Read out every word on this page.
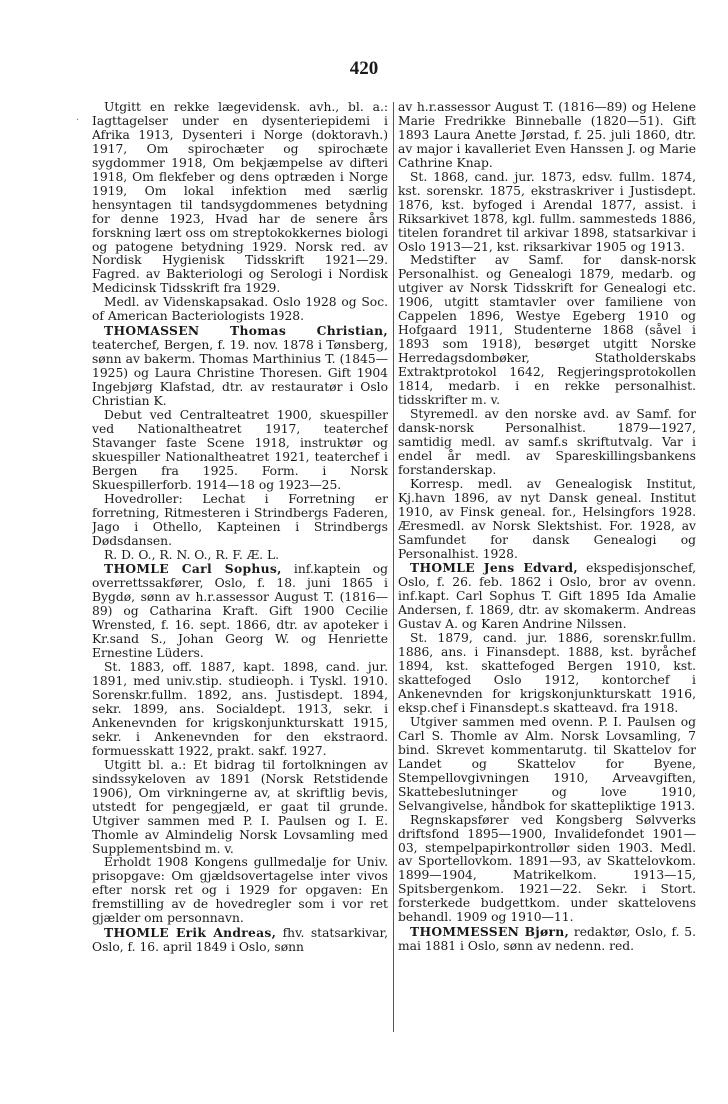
420
.

Utgitt en rekke lægevidensk. avh., bl. a.: Iagttagelser under en dysenteriepidemi i Afrika 1913, Dysenteri i Norge (doktoravh.) 1917, Om spirochæter og spirochæte sygdommer 1918, Om bekjæmpelse av difteri 1918, Om flekfeber og dens optræden i Norge 1919, Om lokal infektion med særlig hensyntagen til tandsygdommenes betydning for denne 1923, Hvad har de senere års forskning lært oss om streptokokkernes biologi og patogene betydning 1929. Norsk red. av Nordisk Hygienisk Tidsskrift 1921—29. Fagred. av Bakteriologi og Serologi i Nordisk Medicinsk Tidsskrift fra 1929.

Medl. av Videnskapsakad. Oslo 1928 og Soc. of American Bacteriologists 1928.

THOMASSEN Thomas Christian, teaterchef, Bergen, f. 19. nov. 1878 i Tønsberg, sønn av bakerm. Thomas Marthinius T. (1845—1925) og Laura Christine Thoresen. Gift 1904 Ingebjørg Klafstad, dtr. av restauratør i Oslo Christian K.

Debut ved Centralteatret 1900, skuespiller ved Nationaltheatret 1917, teaterchef Stavanger faste Scene 1918, instruktør og skuespiller Nationaltheatret 1921, teaterchef i Bergen fra 1925. Form. i Norsk Skuespillerforb. 1914—18 og 1923—25.

Hovedroller: Lechat i Forretning er forretning, Ritmesteren i Strindbergs Faderen, Jago i Othello, Kapteinen i Strindbergs Dødsdansen.

R. D. O., R. N. O., R. F. Æ. L.

THOMLE Carl Sophus, inf.kaptein og overrettssakfører, Oslo, f. 18. juni 1865 i Bygdø, sønn av h.r.assessor August T. (1816—89) og Catharina Kraft. Gift 1900 Cecilie Wrensted, f. 16. sept. 1866, dtr. av apoteker i Kr.sand S., Johan Georg W. og Henriette Ernestine Lüders.

St. 1883, off. 1887, kapt. 1898, cand. jur. 1891, med univ.stip. studieoph. i Tyskl. 1910. Sorenskr.fullm. 1892, ans. Justisdept. 1894, sekr. 1899, ans. Socialdept. 1913, sekr. i Ankenevnden for krigskonjunkturskatt 1915, sekr. i Ankenevnden for den ekstraord. formuesskatt 1922, prakt. sakf. 1927.

Utgitt bl. a.: Et bidrag til fortolkningen av sindssykeloven av 1891 (Norsk Retstidende 1906), Om virkningerne av, at skriftlig bevis, utstedt for pengegjæld, er gaat til grunde. Utgiver sammen med P. I. Paulsen og I. E. Thomle av Almindelig Norsk Lovsamling med Supplementsbind m. v.

Erholdt 1908 Kongens gullmedalje for Univ. prisopgave: Om gjældsovertagelse inter vivos efter norsk ret og i 1929 for opgaven: En fremstilling av de hovedregler som i vor ret gjælder om personnavn.

THOMLE Erik Andreas, fhv. statsarkivar, Oslo, f. 16. april 1849 i Oslo, sønn

av h.r.assessor August T. (1816—89) og Helene Marie Fredrikke Binneballe (1820—51). Gift 1893 Laura Anette Jørstad, f. 25. juli 1860, dtr. av major i kavalleriet Even Hanssen J. og Marie Cathrine Knap.

St. 1868, cand. jur. 1873, edsv. fullm. 1874, kst. sorenskr. 1875, ekstraskriver i Justisdept. 1876, kst. byfoged i Arendal 1877, assist. i Riksarkivet 1878, kgl. fullm. sammesteds 1886, titelen forandret til arkivar 1898, statsarkivar i Oslo 1913—21, kst. riksarkivar 1905 og 1913.

Medstifter av Samf. for dansk-norsk Personalhist. og Genealogi 1879, medarb. og utgiver av Norsk Tidsskrift for Genealogi etc. 1906, utgitt stamtavler over familiene von Cappelen 1896, Westye Egeberg 1910 og Hofgaard 1911, Studenterne 1868 (såvel i 1893 som 1918), besørget utgitt Norske Herredagsdombøker, Statholderskabs Extraktprotokol 1642, Regjeringsprotokollen 1814, medarb. i en rekke personalhist. tidsskrifter m. v.

Styremedl. av den norske avd. av Samf. for dansk-norsk Personalhist. 1879—1927, samtidig medl. av samf.s skriftutvalg. Var i endel år medl. av Spareskillingsbankens forstanderskap.

Korresp. medl. av Genealogisk Institut, Kj.havn 1896, av nyt Dansk geneal. Institut 1910, av Finsk geneal. for., Helsingfors 1928. Æresmedl. av Norsk Slektshist. For. 1928, av Samfundet for dansk Genealogi og Personalhist. 1928.

THOMLE Jens Edvard, ekspedisjonschef, Oslo, f. 26. feb. 1862 i Oslo, bror av ovenn. inf.kapt. Carl Sophus T. Gift 1895 Ida Amalie Andersen, f. 1869, dtr. av skomakerm. Andreas Gustav A. og Karen Andrine Nilssen.

St. 1879, cand. jur. 1886, sorenskr.fullm. 1886, ans. i Finansdept. 1888, kst. byråchef 1894, kst. skattefoged Bergen 1910, kst. skattefoged Oslo 1912, kontorchef i Ankenevnden for krigskonjunkturskatt 1916, eksp.chef i Finansdept.s skatteavd. fra 1918.

Utgiver sammen med ovenn. P. I. Paulsen og Carl S. Thomle av Alm. Norsk Lovsamling, 7 bind. Skrevet kommentarutg. til Skattelov for Landet og Skattelov for Byene, Stempellovgivningen 1910, Arveavgiften, Skattebeslutninger og love 1910, Selvangivelse, håndbok for skattepliktige 1913.

Regnskapsfører ved Kongsberg Sølvverks driftsfond 1895—1900, Invalidefondet 1901—03, stempelpapirkontrollør siden 1903. Medl. av Sportellovkom. 1891—93, av Skattelovkom. 1899—1904, Matrikelkom. 1913—15, Spitsbergenkom. 1921—22. Sekr. i Stort. forsterkede budgettkom. under skattelovens behandl. 1909 og 1910—11.

THOMMESSEN Bjørn, redaktør, Oslo, f. 5. mai 1881 i Oslo, sønn av nedenn. red.
